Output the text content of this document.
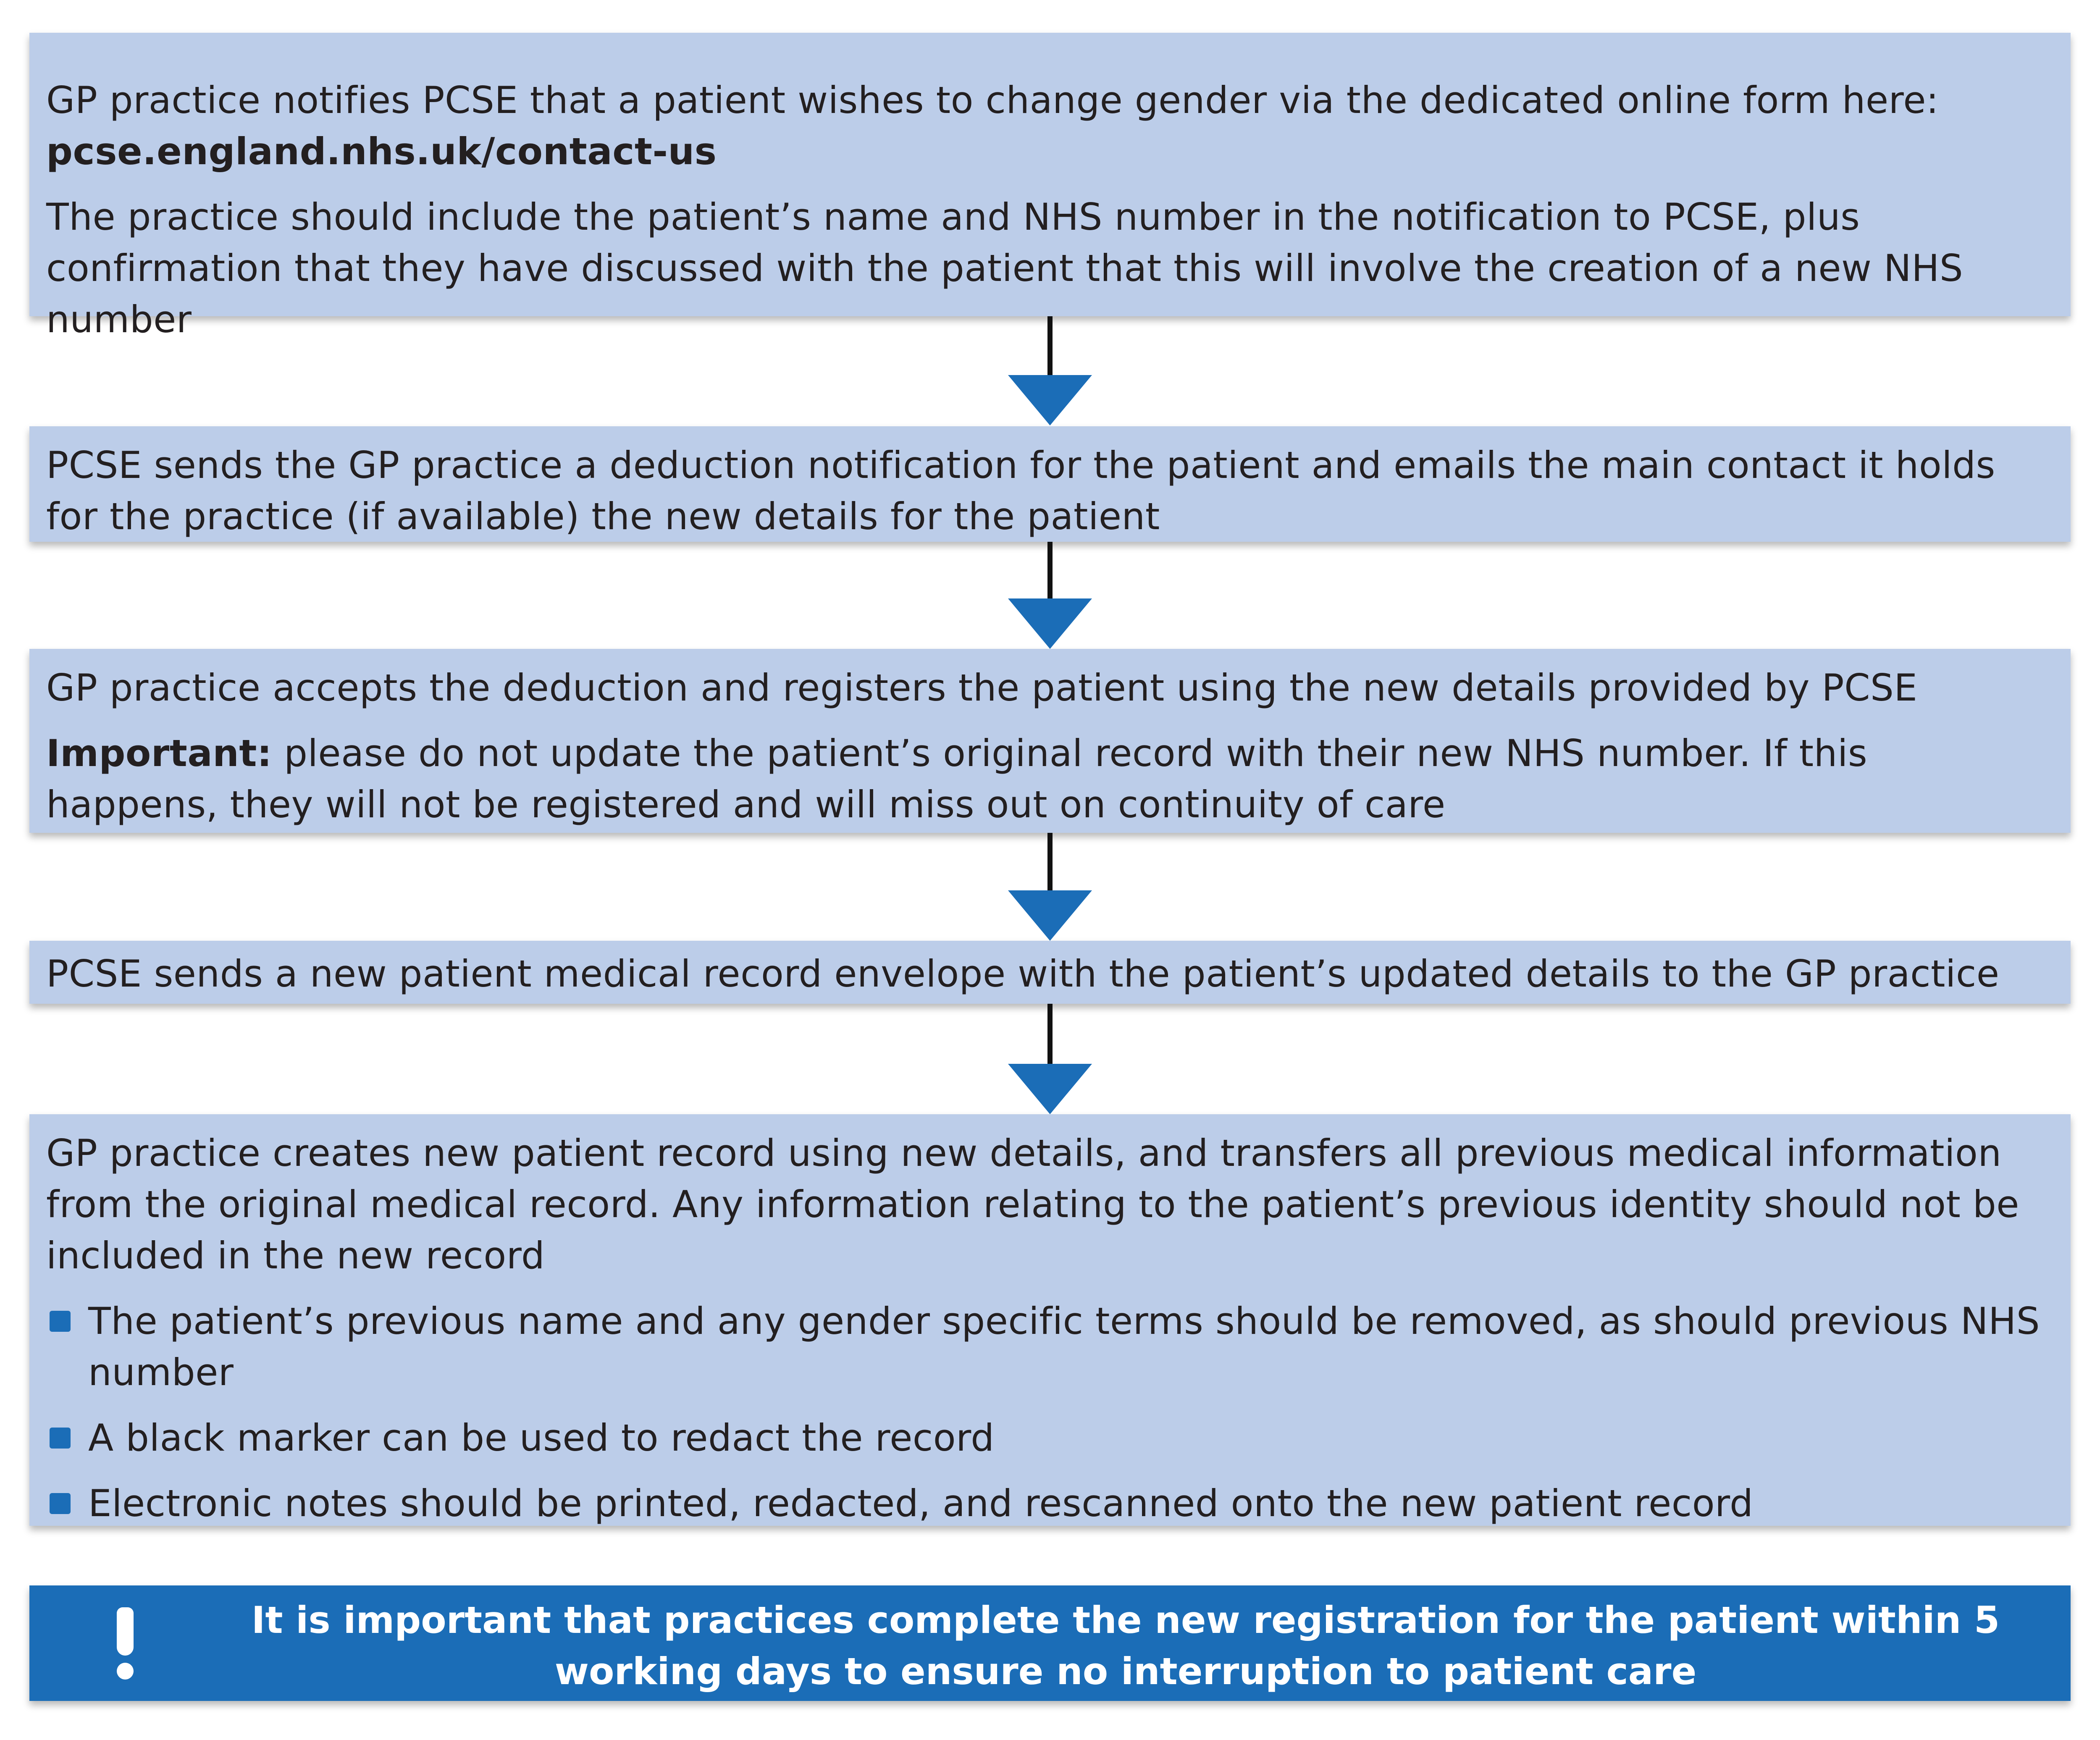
GP practice notifies PCSE that a patient wishes to change gender via the dedicated online form here: pcse.england.nhs.uk/contact-us

The practice should include the patient’s name and NHS number in the notification to PCSE, plus confirmation that they have discussed with the patient that this will involve the creation of a new NHS number

PCSE sends the GP practice a deduction notification for the patient and emails the main contact it holds for the practice (if available) the new details for the patient

GP practice accepts the deduction and registers the patient using the new details provided by PCSE

Important: please do not update the patient’s original record with their new NHS number. If this happens, they will not be registered and will miss out on continuity of care

PCSE sends a new patient medical record envelope with the patient’s updated details to the GP practice

GP practice creates new patient record using new details, and transfers all previous medical information from the original medical record. Any information relating to the patient’s previous identity should not be included in the new record

The patient’s previous name and any gender specific terms should be removed, as should previous NHS number
A black marker can be used to redact the record
Electronic notes should be printed, redacted, and rescanned onto the new patient record

It is important that practices complete the new registration for the patient within 5 working days to ensure no interruption to patient care
